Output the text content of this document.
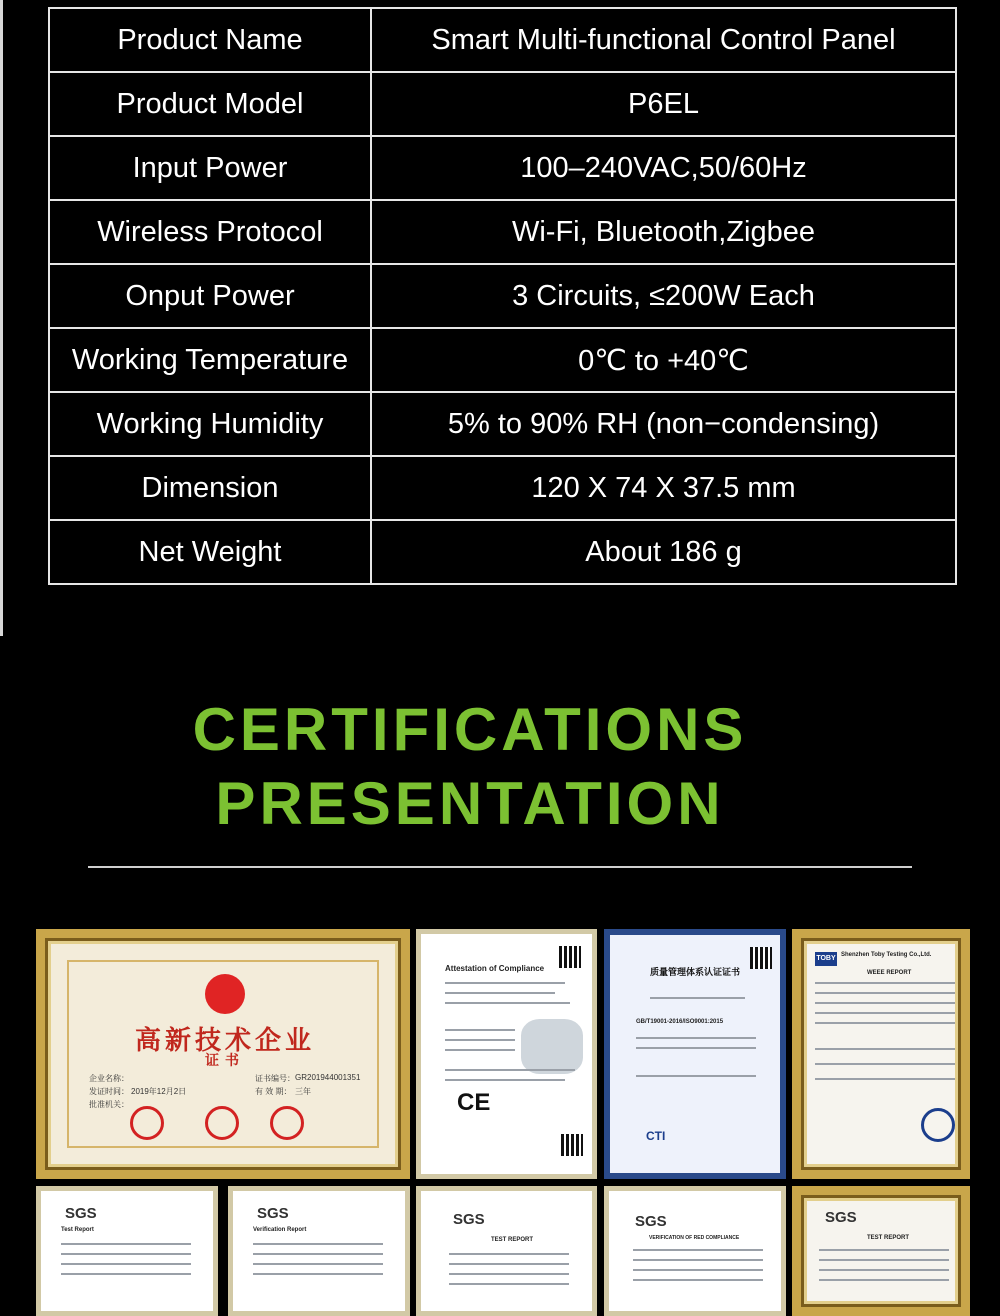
Product Name	Smart Multi-functional Control Panel
Product Model	P6EL
Input Power	100–240VAC,50/60Hz
Wireless Protocol	Wi-Fi, Bluetooth,Zigbee
Onput Power	3 Circuits, ≤200W Each
Working Temperature	0℃ to +40℃
Working Humidity	5% to 90% RH (non−condensing)
Dimension	120 X 74 X 37.5 mm
Net Weight	About 186 g
CERTIFICATIONS
PRESENTATION
高新技术企业
证书
企业名称：
发证时间： 2019年12月2日
批准机关：
证书编号： GR201944001351
有 效 期： 三年
Attestation of Compliance
CE
质量管理体系认证证书
GB/T19001-2016/ISO9001:2015
CTI
TOBY Shenzhen Toby Testing Co.,Ltd.
WEEE REPORT
SGS
Test Report
SGS
Verification Report
SGS
TEST REPORT
SGS
VERIFICATION OF RED COMPLIANCE
SGS
TEST REPORT
